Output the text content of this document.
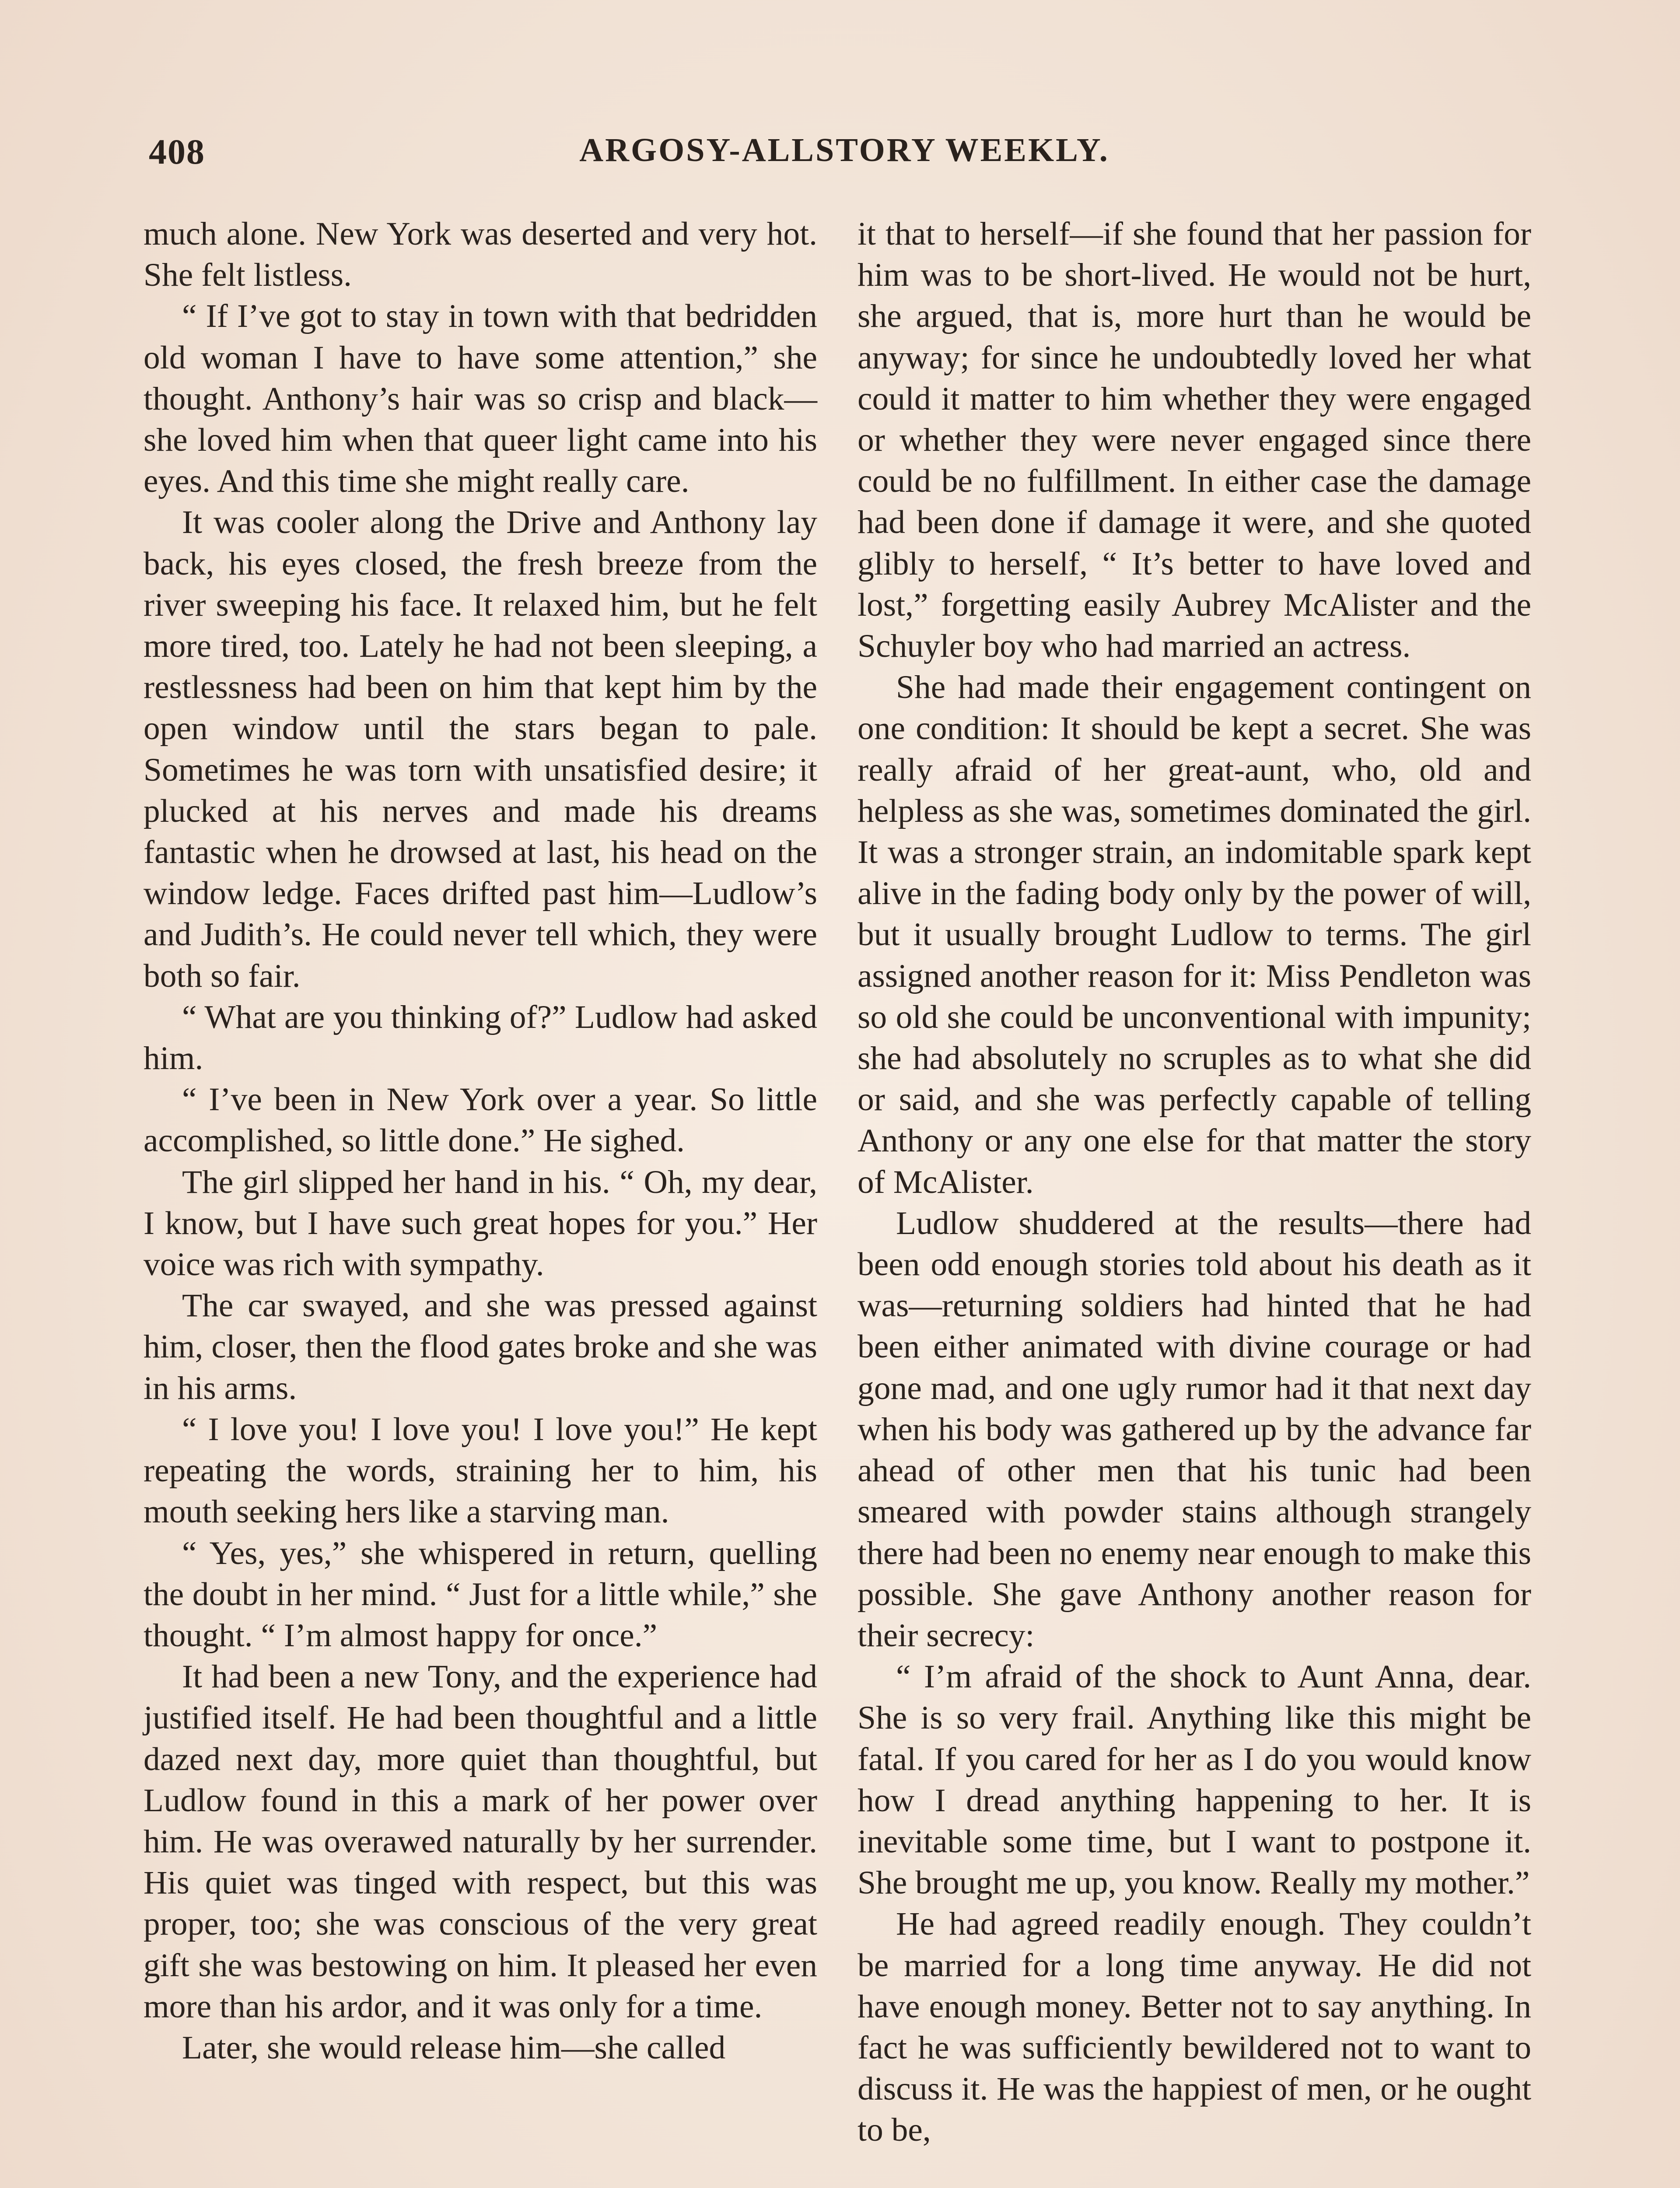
408	ARGOSY-ALLSTORY WEEKLY.

much alone. New York was deserted and very hot. She felt listless.

“ If I’ve got to stay in town with that bedridden old woman I have to have some attention,” she thought. Anthony’s hair was so crisp and black—she loved him when that queer light came into his eyes. And this time she might really care.

It was cooler along the Drive and Anthony lay back, his eyes closed, the fresh breeze from the river sweeping his face. It relaxed him, but he felt more tired, too. Lately he had not been sleeping, a restlessness had been on him that kept him by the open window until the stars began to pale. Sometimes he was torn with unsatisfied desire; it plucked at his nerves and made his dreams fantastic when he drowsed at last, his head on the window ledge. Faces drifted past him—Ludlow’s and Judith’s. He could never tell which, they were both so fair.

“ What are you thinking of?” Ludlow had asked him.

“ I’ve been in New York over a year. So little accomplished, so little done.” He sighed.

The girl slipped her hand in his. “ Oh, my dear, I know, but I have such great hopes for you.” Her voice was rich with sympathy.

The car swayed, and she was pressed against him, closer, then the flood gates broke and she was in his arms.

“ I love you! I love you! I love you!” He kept repeating the words, straining her to him, his mouth seeking hers like a starving man.

“ Yes, yes,” she whispered in return, quelling the doubt in her mind. “ Just for a little while,” she thought. “ I’m almost happy for once.”

It had been a new Tony, and the experience had justified itself. He had been thoughtful and a little dazed next day, more quiet than thoughtful, but Ludlow found in this a mark of her power over him. He was overawed naturally by her surrender. His quiet was tinged with respect, but this was proper, too; she was conscious of the very great gift she was bestowing on him. It pleased her even more than his ardor, and it was only for a time.

Later, she would release him—she called

it that to herself—if she found that her passion for him was to be short-lived. He would not be hurt, she argued, that is, more hurt than he would be anyway; for since he undoubtedly loved her what could it matter to him whether they were engaged or whether they were never engaged since there could be no fulfillment. In either case the damage had been done if damage it were, and she quoted glibly to herself, “ It’s better to have loved and lost,” forgetting easily Aubrey McAlister and the Schuyler boy who had married an actress.

She had made their engagement contingent on one condition: It should be kept a secret. She was really afraid of her great-aunt, who, old and helpless as she was, sometimes dominated the girl. It was a stronger strain, an indomitable spark kept alive in the fading body only by the power of will, but it usually brought Ludlow to terms. The girl assigned another reason for it: Miss Pendleton was so old she could be unconventional with impunity; she had absolutely no scruples as to what she did or said, and she was perfectly capable of telling Anthony or any one else for that matter the story of McAlister.

Ludlow shuddered at the results—there had been odd enough stories told about his death as it was—returning soldiers had hinted that he had been either animated with divine courage or had gone mad, and one ugly rumor had it that next day when his body was gathered up by the advance far ahead of other men that his tunic had been smeared with powder stains although strangely there had been no enemy near enough to make this possible. She gave Anthony another reason for their secrecy:

“ I’m afraid of the shock to Aunt Anna, dear. She is so very frail. Anything like this might be fatal. If you cared for her as I do you would know how I dread anything happening to her. It is inevitable some time, but I want to postpone it. She brought me up, you know. Really my mother.”

He had agreed readily enough. They couldn’t be married for a long time anyway. He did not have enough money. Better not to say anything. In fact he was sufficiently bewildered not to want to discuss it. He was the happiest of men, or he ought to be,
